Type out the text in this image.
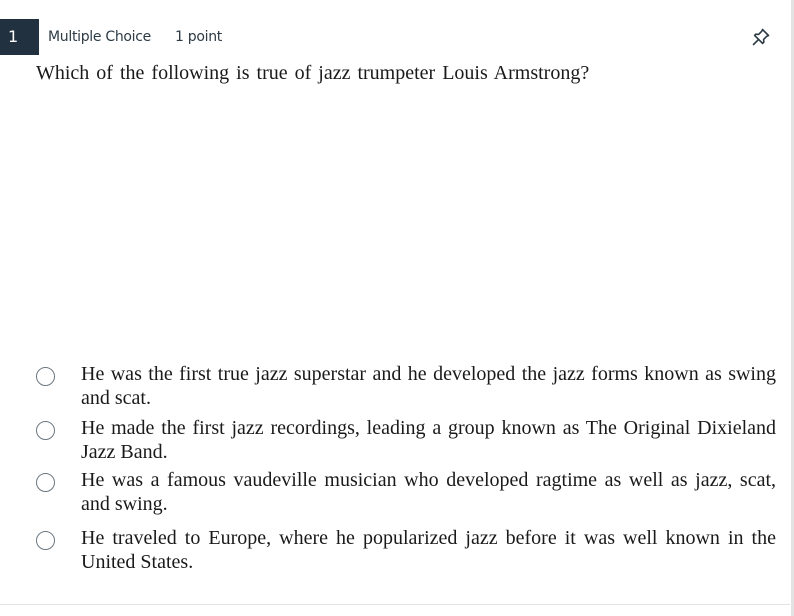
1	Multiple Choice 1 point
Which of the following is true of jazz trumpeter Louis Armstrong?
He was the first true jazz superstar and he developed the jazz forms known as swing and scat.
He made the first jazz recordings, leading a group known as The Original Dixieland Jazz Band.
He was a famous vaudeville musician who developed ragtime as well as jazz, scat, and swing.
He traveled to Europe, where he popularized jazz before it was well known in the United States.
